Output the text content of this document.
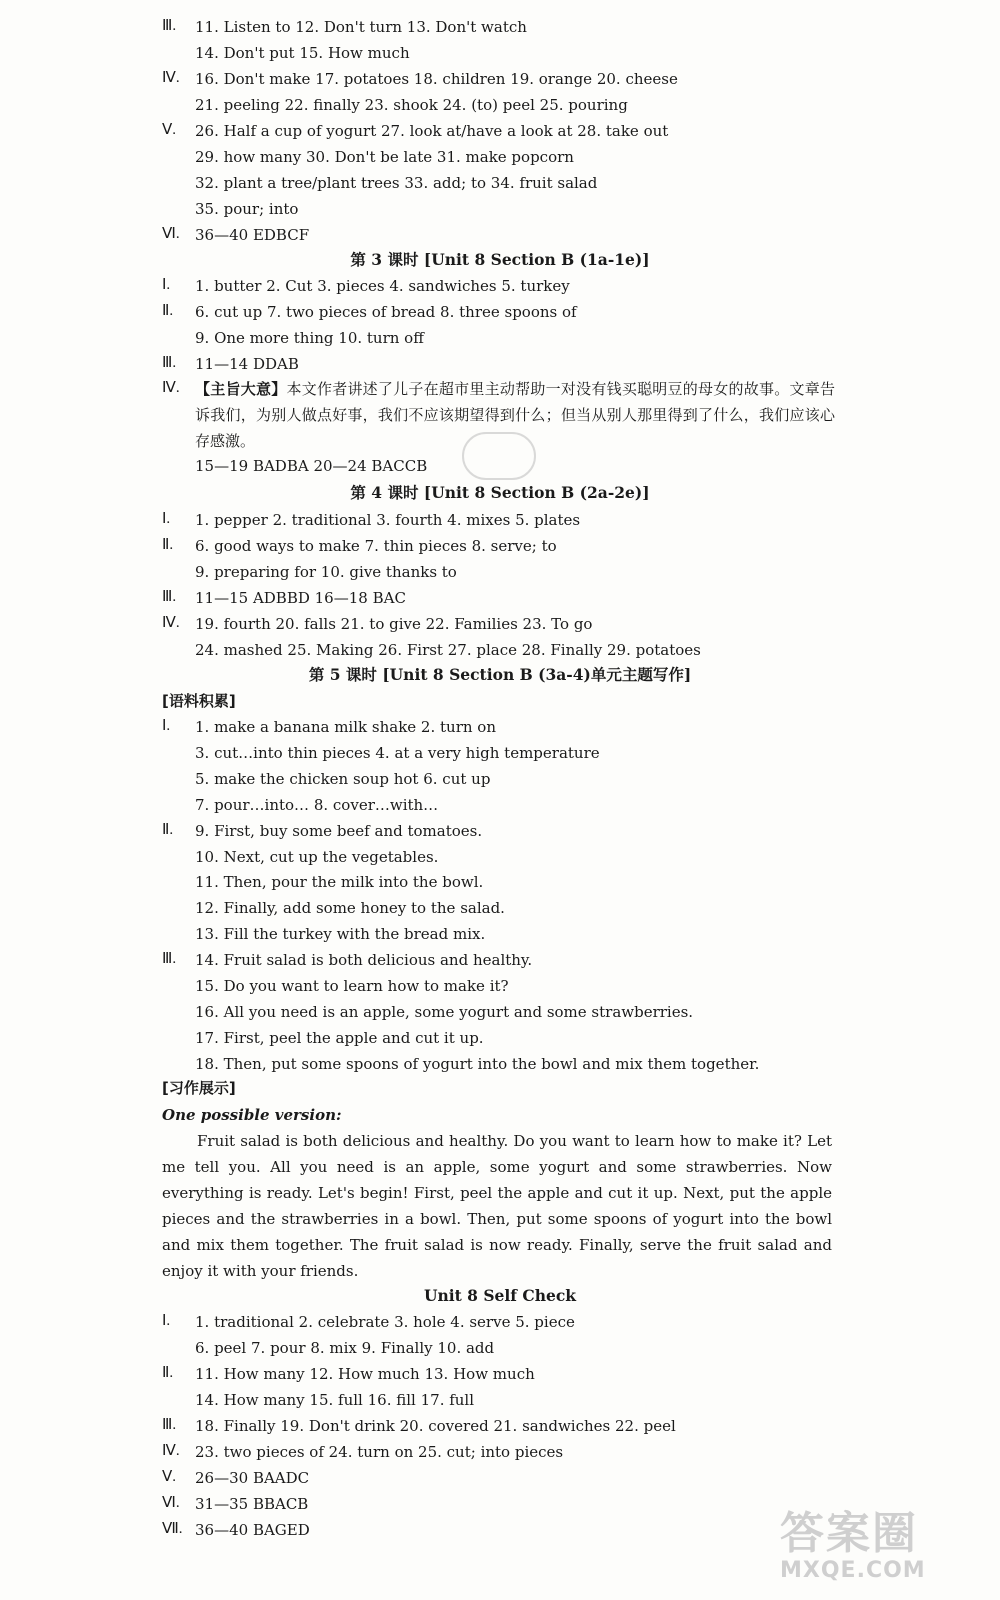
Ⅲ.	11. Listen to 12. Don't turn 13. Don't watch
14. Don't put 15. How much
Ⅳ.	16. Don't make 17. potatoes 18. children 19. orange 20. cheese
21. peeling 22. finally 23. shook 24. (to) peel 25. pouring
Ⅴ.	26. Half a cup of yogurt 27. look at/have a look at 28. take out
29. how many 30. Don't be late 31. make popcorn
32. plant a tree/plant trees 33. add; to 34. fruit salad
35. pour; into
Ⅵ.	36—40 EDBCF
Ⅰ.	1. butter 2. Cut 3. pieces 4. sandwiches 5. turkey
Ⅱ.	6. cut up 7. two pieces of bread 8. three spoons of
9. One more thing 10. turn off
Ⅲ.	11—14 DDAB
Ⅰ.	1. pepper 2. traditional 3. fourth 4. mixes 5. plates
Ⅱ.	6. good ways to make 7. thin pieces 8. serve; to
9. preparing for 10. give thanks to
Ⅲ.	11—15 ADBBD 16—18 BAC
Ⅳ.	19. fourth 20. falls 21. to give 22. Families 23. To go
24. mashed 25. Making 26. First 27. place 28. Finally 29. potatoes
Ⅰ.	1. make a banana milk shake 2. turn on
3. cut…into thin pieces 4. at a very high temperature
5. make the chicken soup hot 6. cut up
7. pour…into… 8. cover…with…
Ⅱ.	9. First, buy some beef and tomatoes.
10. Next, cut up the vegetables.
11. Then, pour the milk into the bowl.
12. Finally, add some honey to the salad.
13. Fill the turkey with the bread mix.
Ⅲ.	14. Fruit salad is both delicious and healthy.
15. Do you want to learn how to make it?
16. All you need is an apple, some yogurt and some strawberries.
17. First, peel the apple and cut it up.
18. Then, put some spoons of yogurt into the bowl and mix them together.
Ⅰ.	1. traditional 2. celebrate 3. hole 4. serve 5. piece
6. peel 7. pour 8. mix 9. Finally 10. add
Ⅱ.	11. How many 12. How much 13. How much
14. How many 15. full 16. fill 17. full
Ⅲ.	18. Finally 19. Don't drink 20. covered 21. sandwiches 22. peel
Ⅳ.	23. two pieces of 24. turn on 25. cut; into pieces
Ⅴ.	26—30 BAADC
Ⅵ.	31—35 BBACB
Ⅶ. 36—40 BAGED
第 3 课时 [Unit 8 Section B (1a-1e)]
Ⅳ.	【主旨大意】本文作者讲述了儿子在超市里主动帮助一对没有钱买聪明豆的母女的故事。文章告诉我们，为别人做点好事，我们不应该期望得到什么；但当从别人那里得到了什么，我们应该心存感激。
15—19 BADBA 20—24 BACCB
第 4 课时 [Unit 8 Section B (2a-2e)]
第 5 课时 [Unit 8 Section B (3a-4)单元主题写作]
[语料积累]
[习作展示]
One possible version:
Fruit salad is both delicious and healthy. Do you want to learn how to make it? Let me tell you. All you need is an apple, some yogurt and some strawberries. Now everything is ready. Let's begin! First, peel the apple and cut it up. Next, put the apple pieces and the strawberries in a bowl. Then, put some spoons of yogurt into the bowl and mix them together. The fruit salad is now ready. Finally, serve the fruit salad and enjoy it with your friends.
Unit 8 Self Check
答案圈
MXQE.COM
